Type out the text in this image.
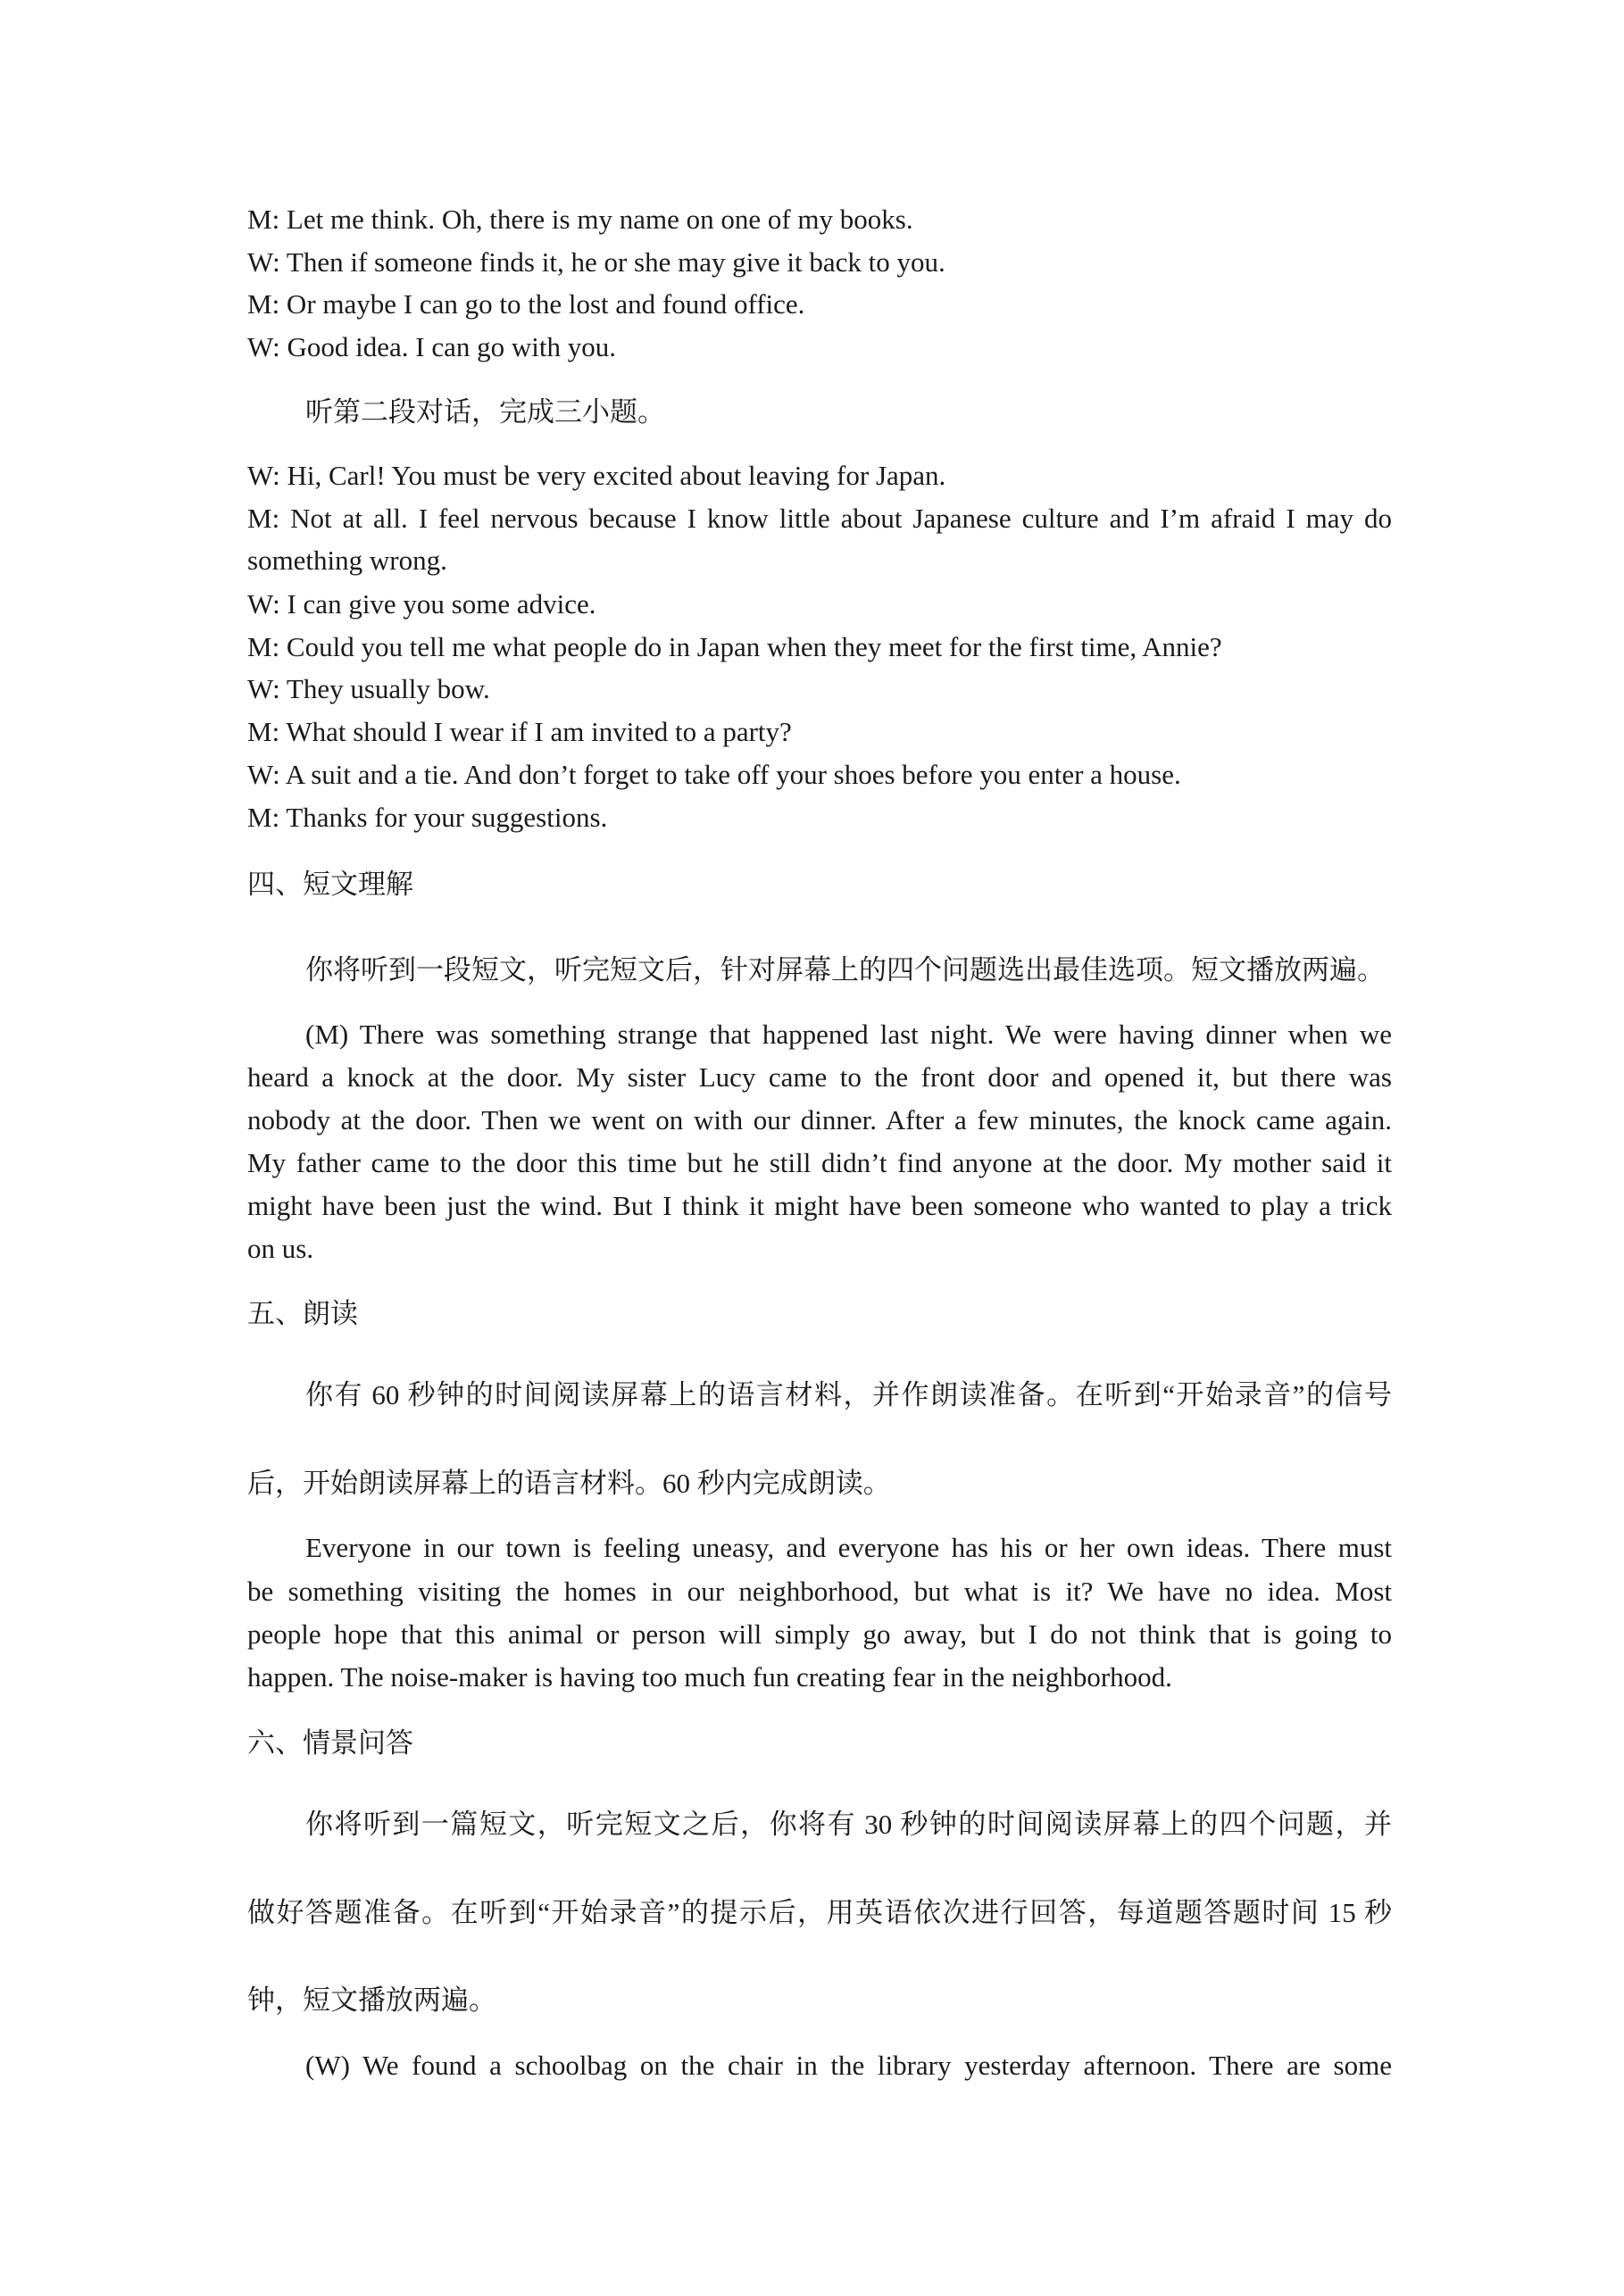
M: Let me think. Oh, there is my name on one of my books.
W: Then if someone finds it, he or she may give it back to you.
M: Or maybe I can go to the lost and found office.
W: Good idea. I can go with you.
听第二段对话，完成三小题。
W: Hi, Carl! You must be very excited about leaving for Japan.
M: Not at all. I feel nervous because I know little about Japanese culture and I’m afraid I may do
something wrong.
W: I can give you some advice.
M: Could you tell me what people do in Japan when they meet for the first time, Annie?
W: They usually bow.
M: What should I wear if I am invited to a party?
W: A suit and a tie. And don’t forget to take off your shoes before you enter a house.
M: Thanks for your suggestions.
四、短文理解
你将听到一段短文，听完短文后，针对屏幕上的四个问题选出最佳选项。短文播放两遍。
(M) There was something strange that happened last night. We were having dinner when we
heard a knock at the door. My sister Lucy came to the front door and opened it, but there was
nobody at the door. Then we went on with our dinner. After a few minutes, the knock came again.
My father came to the door this time but he still didn’t find anyone at the door. My mother said it
might have been just the wind. But I think it might have been someone who wanted to play a trick
on us.
五、朗读
你有 60 秒钟的时间阅读屏幕上的语言材料，并作朗读准备。在听到“开始录音”的信号
后，开始朗读屏幕上的语言材料。60 秒内完成朗读。
Everyone in our town is feeling uneasy, and everyone has his or her own ideas. There must
be something visiting the homes in our neighborhood, but what is it? We have no idea. Most
people hope that this animal or person will simply go away, but I do not think that is going to
happen. The noise-maker is having too much fun creating fear in the neighborhood.
六、情景问答
你将听到一篇短文，听完短文之后，你将有 30 秒钟的时间阅读屏幕上的四个问题，并
做好答题准备。在听到“开始录音”的提示后，用英语依次进行回答，每道题答题时间 15 秒
钟，短文播放两遍。
(W) We found a schoolbag on the chair in the library yesterday afternoon. There are some
